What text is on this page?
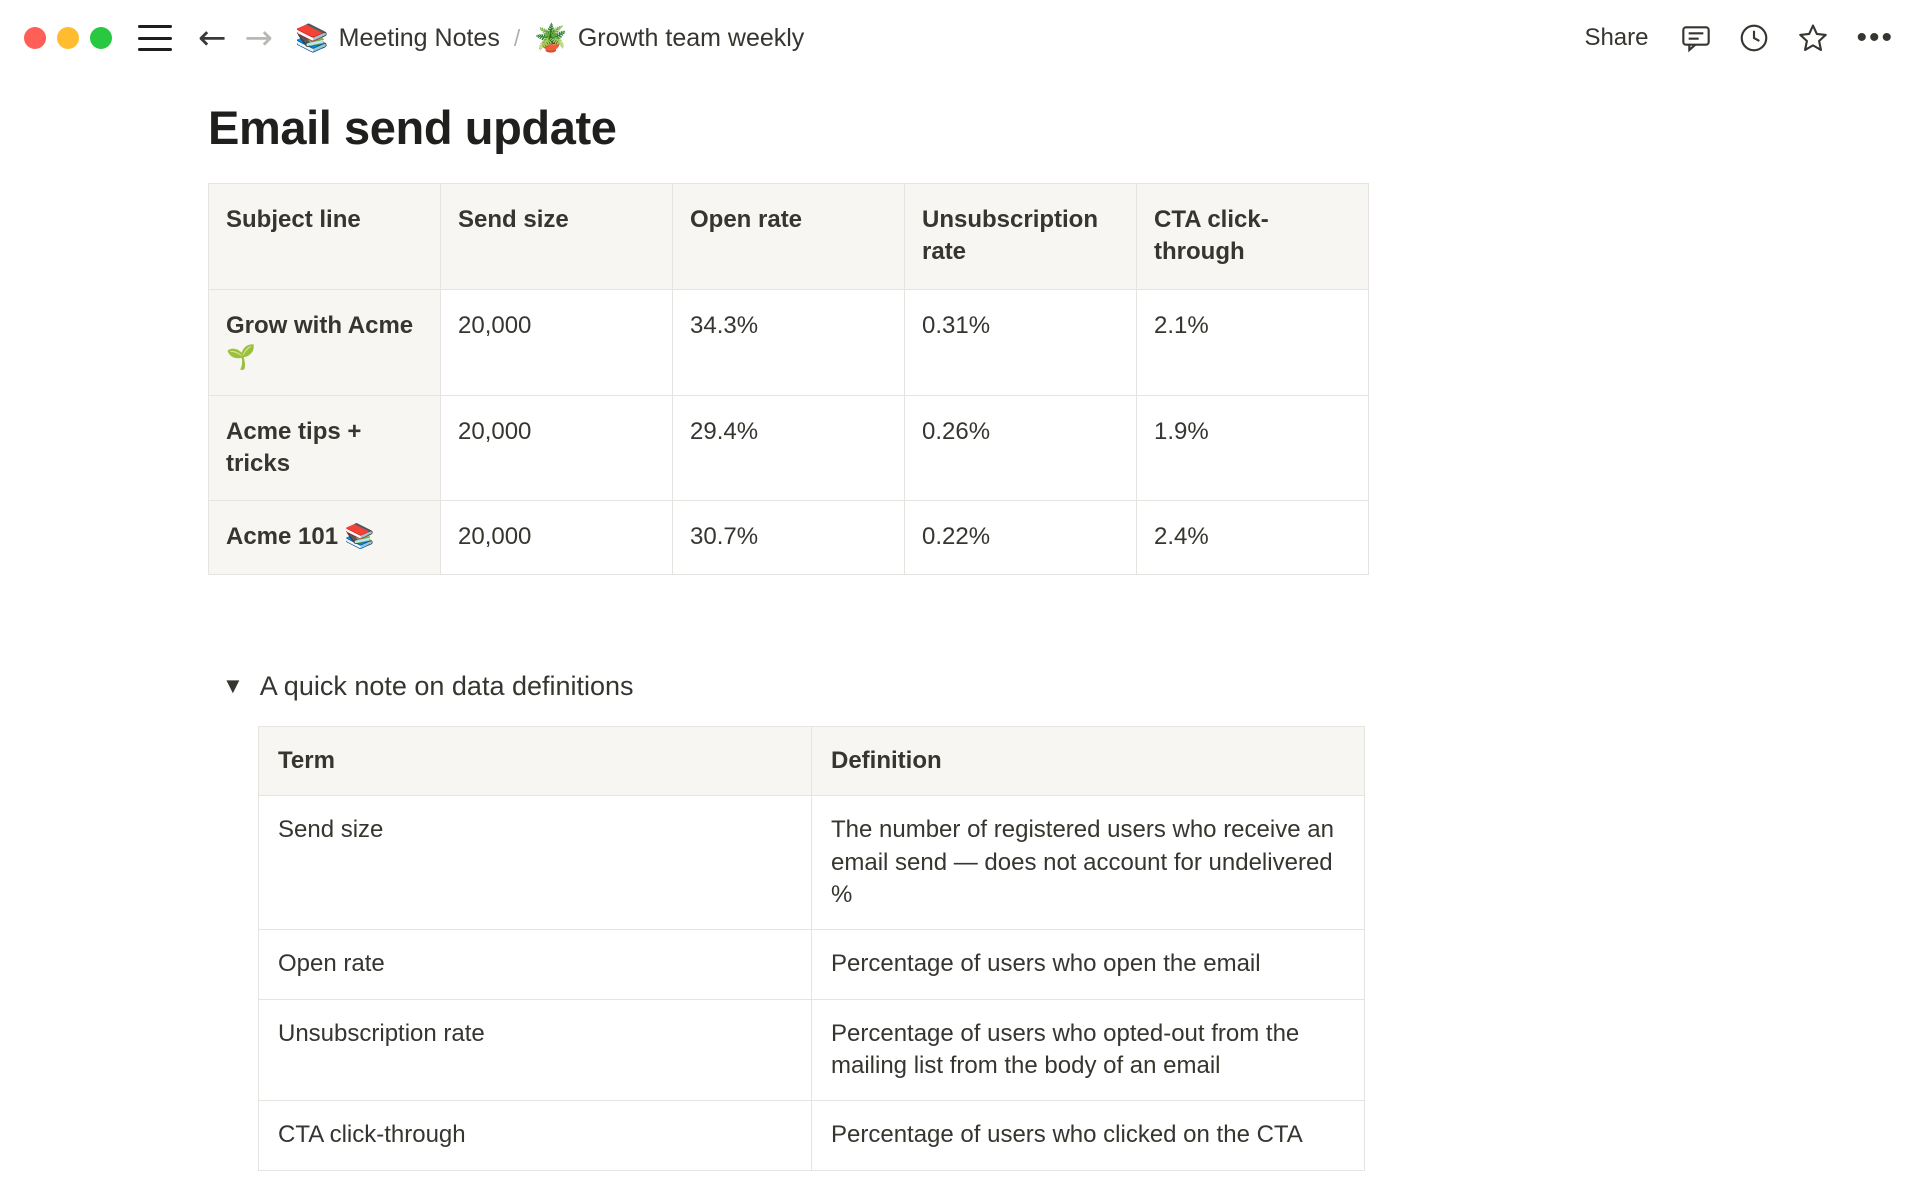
← → 📚 Meeting Notes / 🪴 Growth team weekly	Share	•••
Email send update
Subject line	Send size	Open rate	Unsubscription rate	CTA click-through
Grow with Acme 🌱	20,000	34.3%	0.31%	2.1%
Acme tips + tricks	20,000	29.4%	0.26%	1.9%
Acme 101 📚	20,000	30.7%	0.22%	2.4%
▼ A quick note on data definitions
Term	Definition
Send size	The number of registered users who receive an email send — does not account for undelivered %
Open rate	Percentage of users who open the email
Unsubscription rate	Percentage of users who opted-out from the mailing list from the body of an email
CTA click-through	Percentage of users who clicked on the CTA
